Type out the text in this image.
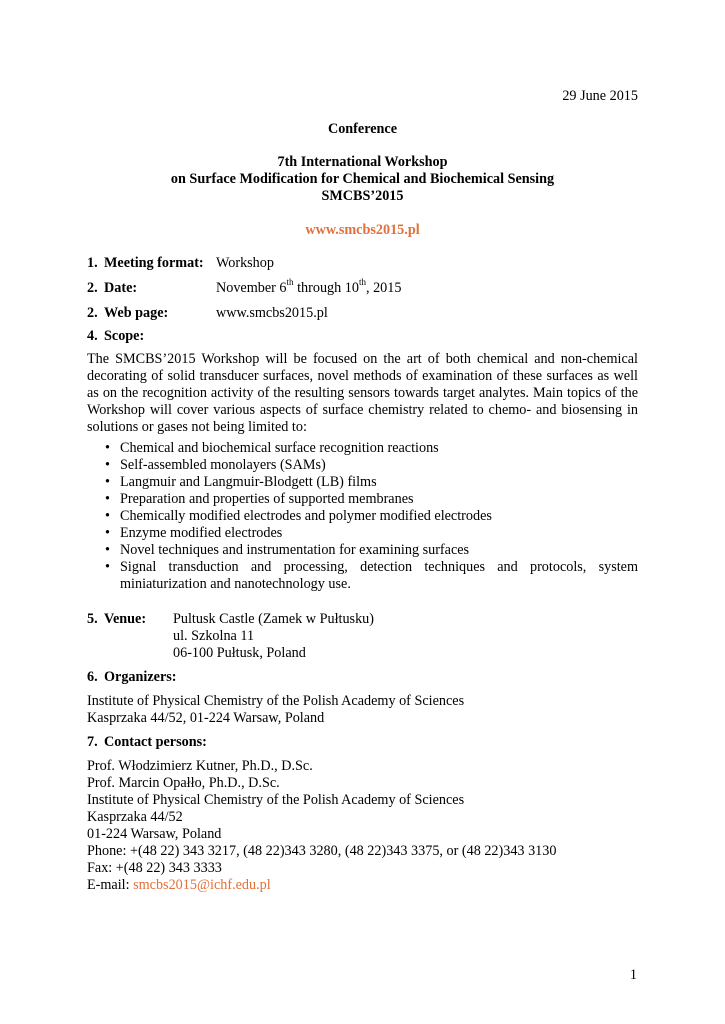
29 June 2015
Conference
7th International Workshop
on Surface Modification for Chemical and Biochemical Sensing
SMCBS’2015
www.smcbs2015.pl
1. Meeting format: Workshop
2. Date:	November 6th through 10th, 2015
2. Web page:	www.smcbs2015.pl
4. Scope:
The SMCBS’2015 Workshop will be focused on the art of both chemical and non-chemical decorating of solid transducer surfaces, novel methods of examination of these surfaces as well as on the recognition activity of the resulting sensors towards target analytes. Main topics of the Workshop will cover various aspects of surface chemistry related to chemo- and biosensing in solutions or gases not being limited to:
• Chemical and biochemical surface recognition reactions
• Self-assembled monolayers (SAMs)
• Langmuir and Langmuir-Blodgett (LB) films
• Preparation and properties of supported membranes
• Chemically modified electrodes and polymer modified electrodes
• Enzyme modified electrodes
• Novel techniques and instrumentation for examining surfaces
• Signal transduction and processing, detection techniques and protocols, system miniaturization and nanotechnology use.
5. Venue: Pultusk Castle (Zamek w Pułtusku)
ul. Szkolna 11
06-100 Pułtusk, Poland
6. Organizers:
Institute of Physical Chemistry of the Polish Academy of Sciences
Kasprzaka 44/52, 01-224 Warsaw, Poland
7. Contact persons:
Prof. Włodzimierz Kutner, Ph.D., D.Sc.
Prof. Marcin Opałło, Ph.D., D.Sc.
Institute of Physical Chemistry of the Polish Academy of Sciences
Kasprzaka 44/52
01-224 Warsaw, Poland
Phone: +(48 22) 343 3217, (48 22)343 3280, (48 22)343 3375, or (48 22)343 3130
Fax: +(48 22) 343 3333
E-mail: smcbs2015@ichf.edu.pl
1
